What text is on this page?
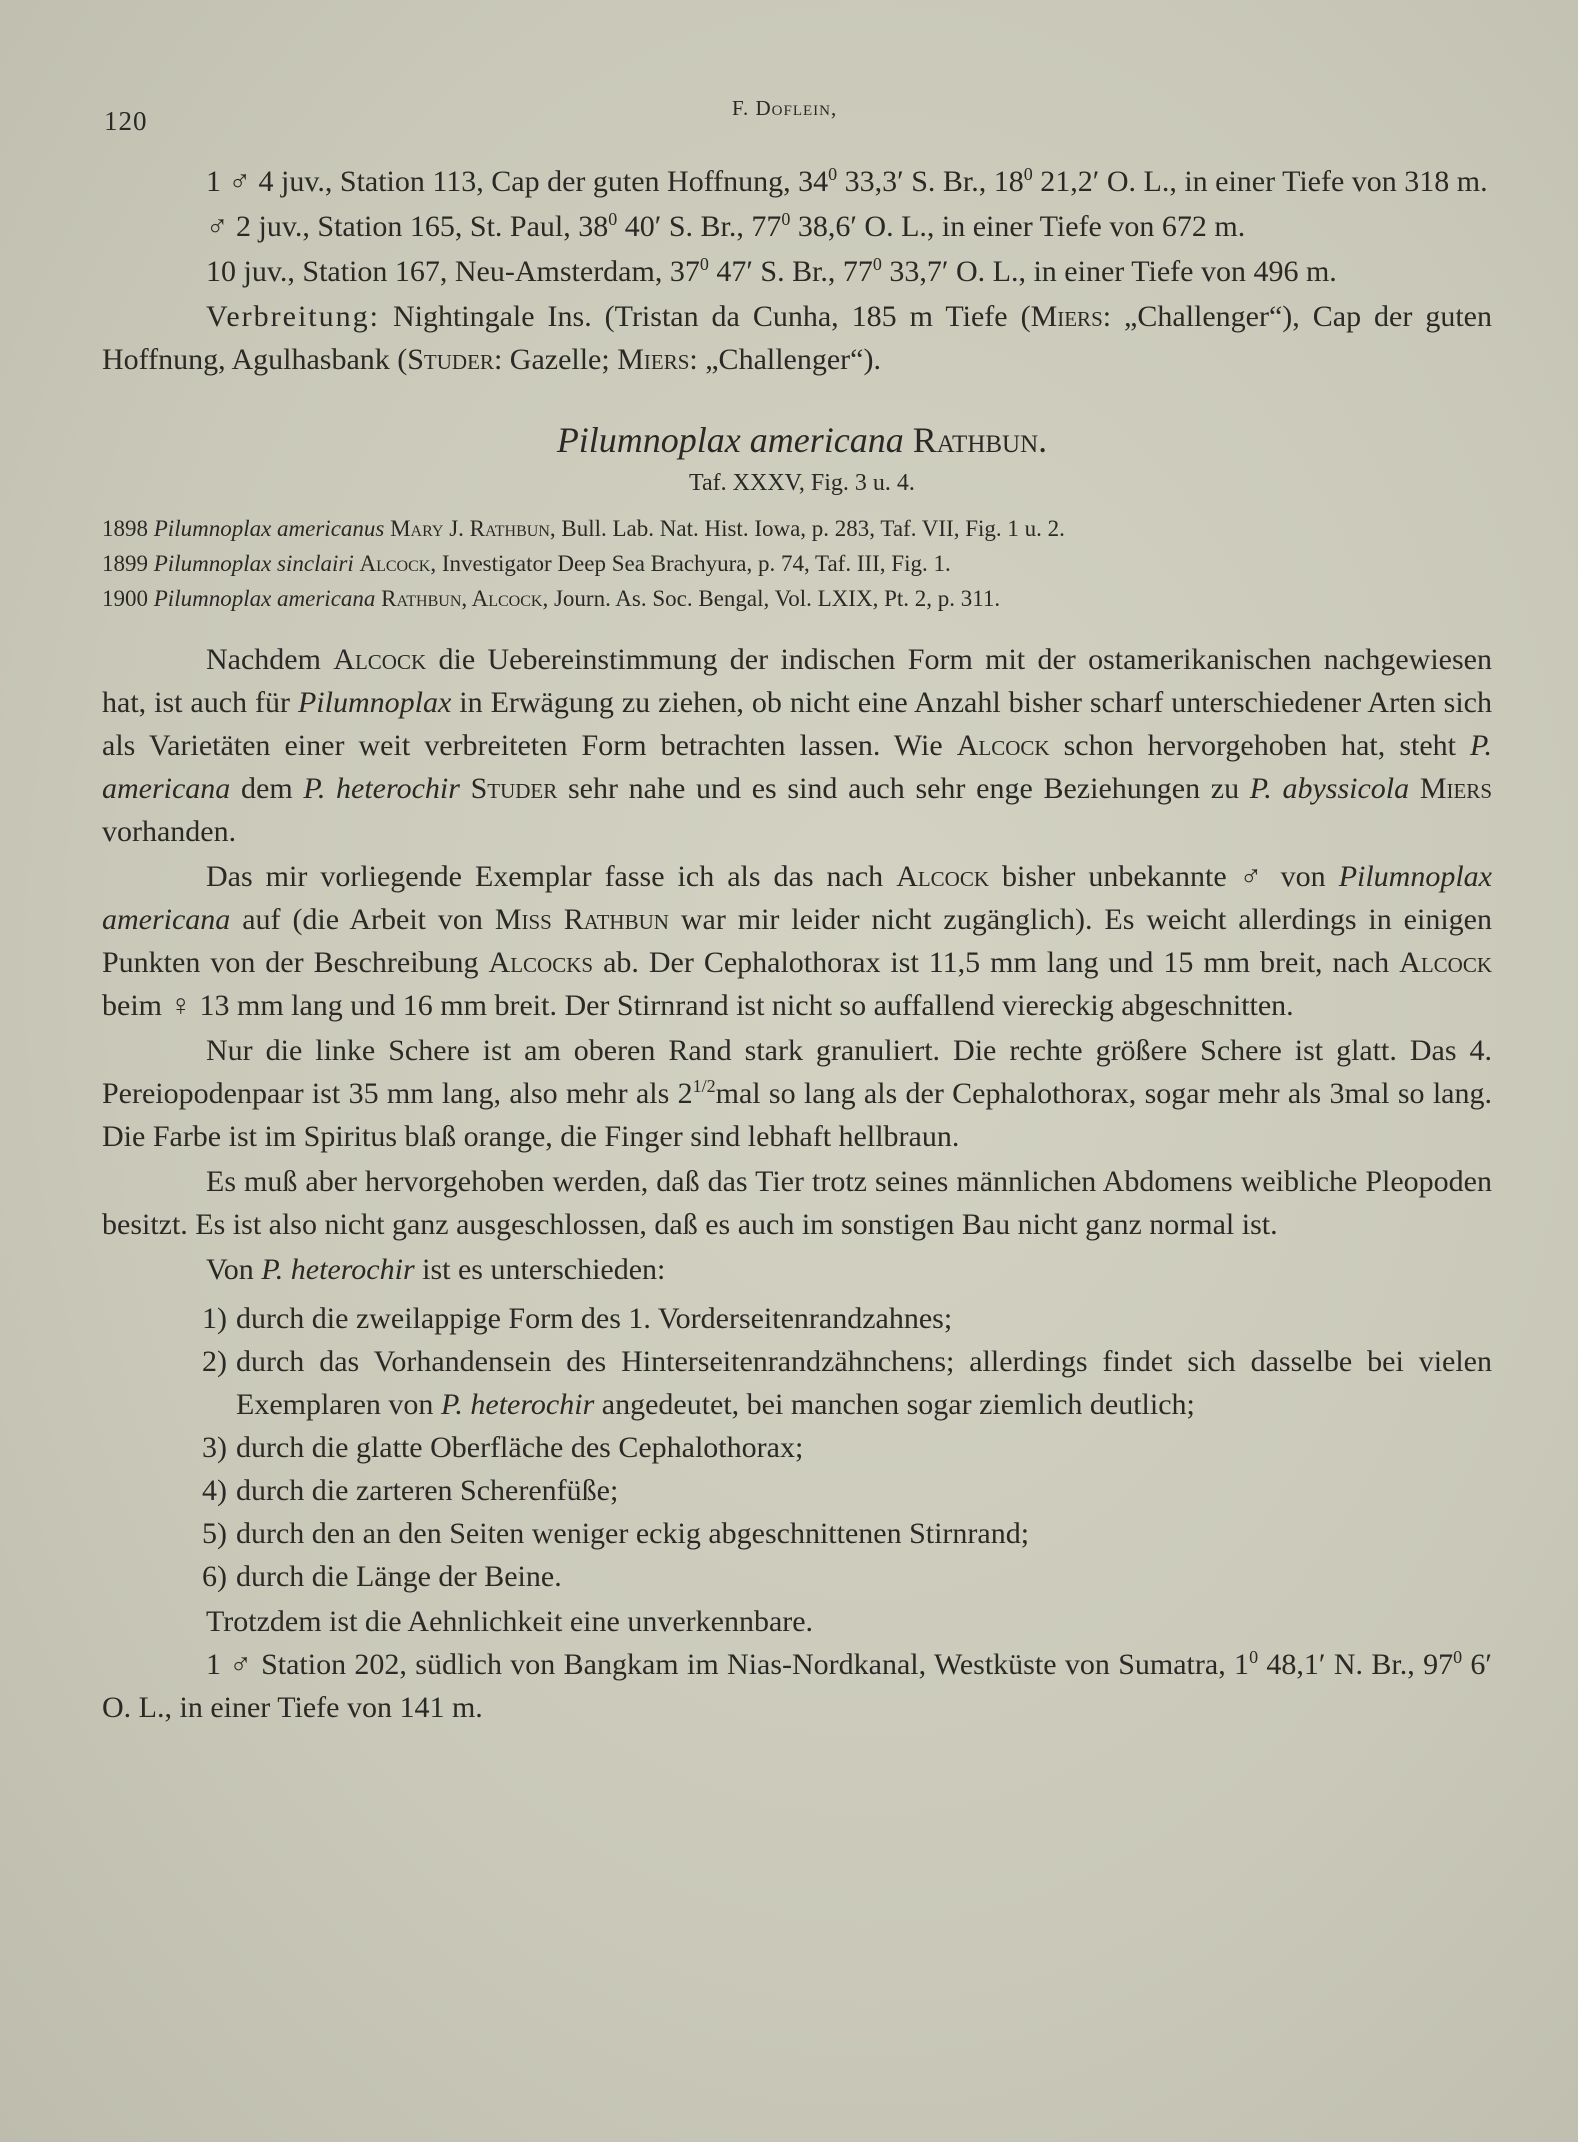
120	F. Doflein,

1 ♂ 4 juv., Station 113, Cap der guten Hoffnung, $34^0$ 33,3′ S. Br., $18^0$ 21,2′ O. L., in einer Tiefe von 318 m.

♂ 2 juv., Station 165, St. Paul, $38^0$ 40′ S. Br., $77^0$ 38,6′ O. L., in einer Tiefe von 672 m.

10 juv., Station 167, Neu-Amsterdam, $37^0$ 47′ S. Br., $77^0$ 33,7′ O. L., in einer Tiefe von 496 m.

Verbreitung: Nightingale Ins. (Tristan da Cunha, 185 m Tiefe (Miers: „Challenger“), Cap der guten Hoffnung, Agulhasbank (Studer: Gazelle; Miers: „Challenger“).

Pilumnoplax americana Rathbun.
Taf. XXXV, Fig. 3 u. 4.
1898 Pilumnoplax americanus Mary J. Rathbun, Bull. Lab. Nat. Hist. Iowa, p. 283, Taf. VII, Fig. 1 u. 2.
1899 Pilumnoplax sinclairi Alcock, Investigator Deep Sea Brachyura, p. 74, Taf. III, Fig. 1.
1900 Pilumnoplax americana Rathbun, Alcock, Journ. As. Soc. Bengal, Vol. LXIX, Pt. 2, p. 311.

Nachdem Alcock die Uebereinstimmung der indischen Form mit der ostamerikanischen nachgewiesen hat, ist auch für Pilumnoplax in Erwägung zu ziehen, ob nicht eine Anzahl bisher scharf unterschiedener Arten sich als Varietäten einer weit verbreiteten Form betrachten lassen. Wie Alcock schon hervorgehoben hat, steht P. americana dem P. heterochir Studer sehr nahe und es sind auch sehr enge Beziehungen zu P. abyssicola Miers vorhanden.

Das mir vorliegende Exemplar fasse ich als das nach Alcock bisher unbekannte ♂ von Pilumnoplax americana auf (die Arbeit von Miss Rathbun war mir leider nicht zugänglich). Es weicht allerdings in einigen Punkten von der Beschreibung Alcocks ab. Der Cephalothorax ist 11,5 mm lang und 15 mm breit, nach Alcock beim ♀ 13 mm lang und 16 mm breit. Der Stirnrand ist nicht so auffallend viereckig abgeschnitten.

Nur die linke Schere ist am oberen Rand stark granuliert. Die rechte größere Schere ist glatt. Das 4. Pereiopodenpaar ist 35 mm lang, also mehr als $2^{1/2}mal$ so lang als der Cephalothorax, sogar mehr als 3mal so lang. Die Farbe ist im Spiritus blaß orange, die Finger sind lebhaft hellbraun.

Es muß aber hervorgehoben werden, daß das Tier trotz seines männlichen Abdomens weibliche Pleopoden besitzt. Es ist also nicht ganz ausgeschlossen, daß es auch im sonstigen Bau nicht ganz normal ist.

Von P. heterochir ist es unterschieden:

1) durch die zweilappige Form des 1. Vorderseitenrandzahnes;
2) durch das Vorhandensein des Hinterseitenrandzähnchens; allerdings findet sich dasselbe bei vielen Exemplaren von P. heterochir angedeutet, bei manchen sogar ziemlich deutlich;
3) durch die glatte Oberfläche des Cephalothorax;
4) durch die zarteren Scherenfüße;
5) durch den an den Seiten weniger eckig abgeschnittenen Stirnrand;
6) durch die Länge der Beine.

Trotzdem ist die Aehnlichkeit eine unverkennbare.

1 ♂ Station 202, südlich von Bangkam im Nias-Nordkanal, Westküste von Sumatra, $1^0$ 48,1′ N. Br., $97^0$ 6′ O. L., in einer Tiefe von 141 m.
